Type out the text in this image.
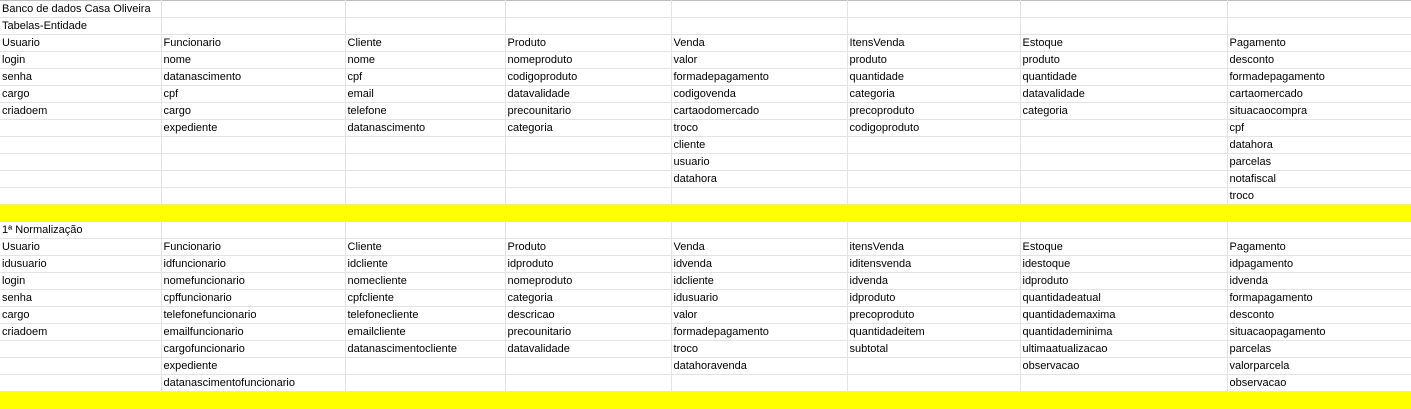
Banco de dados Casa Oliveira							
Tabelas-Entidade							
Usuario	Funcionario	Cliente	Produto	Venda	ItensVenda	Estoque	Pagamento
login	nome	nome	nomeproduto	valor	produto	produto	desconto
senha	datanascimento	cpf	codigoproduto	formadepagamento	quantidade	quantidade	formadepagamento
cargo	cpf	email	datavalidade	codigovenda	categoria	datavalidade	cartaomercado
criadoem	cargo	telefone	precounitario	cartaodomercado	precoproduto	categoria	situacaocompra
	expediente	datanascimento	categoria	troco	codigoproduto		cpf
				cliente			datahora
				usuario			parcelas
				datahora			notafiscal
							troco

1ª Normalização							
Usuario	Funcionario	Cliente	Produto	Venda	itensVenda	Estoque	Pagamento
idusuario	idfuncionario	idcliente	idproduto	idvenda	iditensvenda	idestoque	idpagamento
login	nomefuncionario	nomecliente	nomeproduto	idcliente	idvenda	idproduto	idvenda
senha	cpffuncionario	cpfcliente	categoria	idusuario	idproduto	quantidadeatual	formapagamento
cargo	telefonefuncionario	telefonecliente	descricao	valor	precoproduto	quantidademaxima	desconto
criadoem	emailfuncionario	emailcliente	precounitario	formadepagamento	quantidadeitem	quantidademinima	situacaopagamento
	cargofuncionario	datanascimentocliente	datavalidade	troco	subtotal	ultimaatualizacao	parcelas
	expediente			datahoravenda		observacao	valorparcela
	datanascimentofuncionario						observacao
